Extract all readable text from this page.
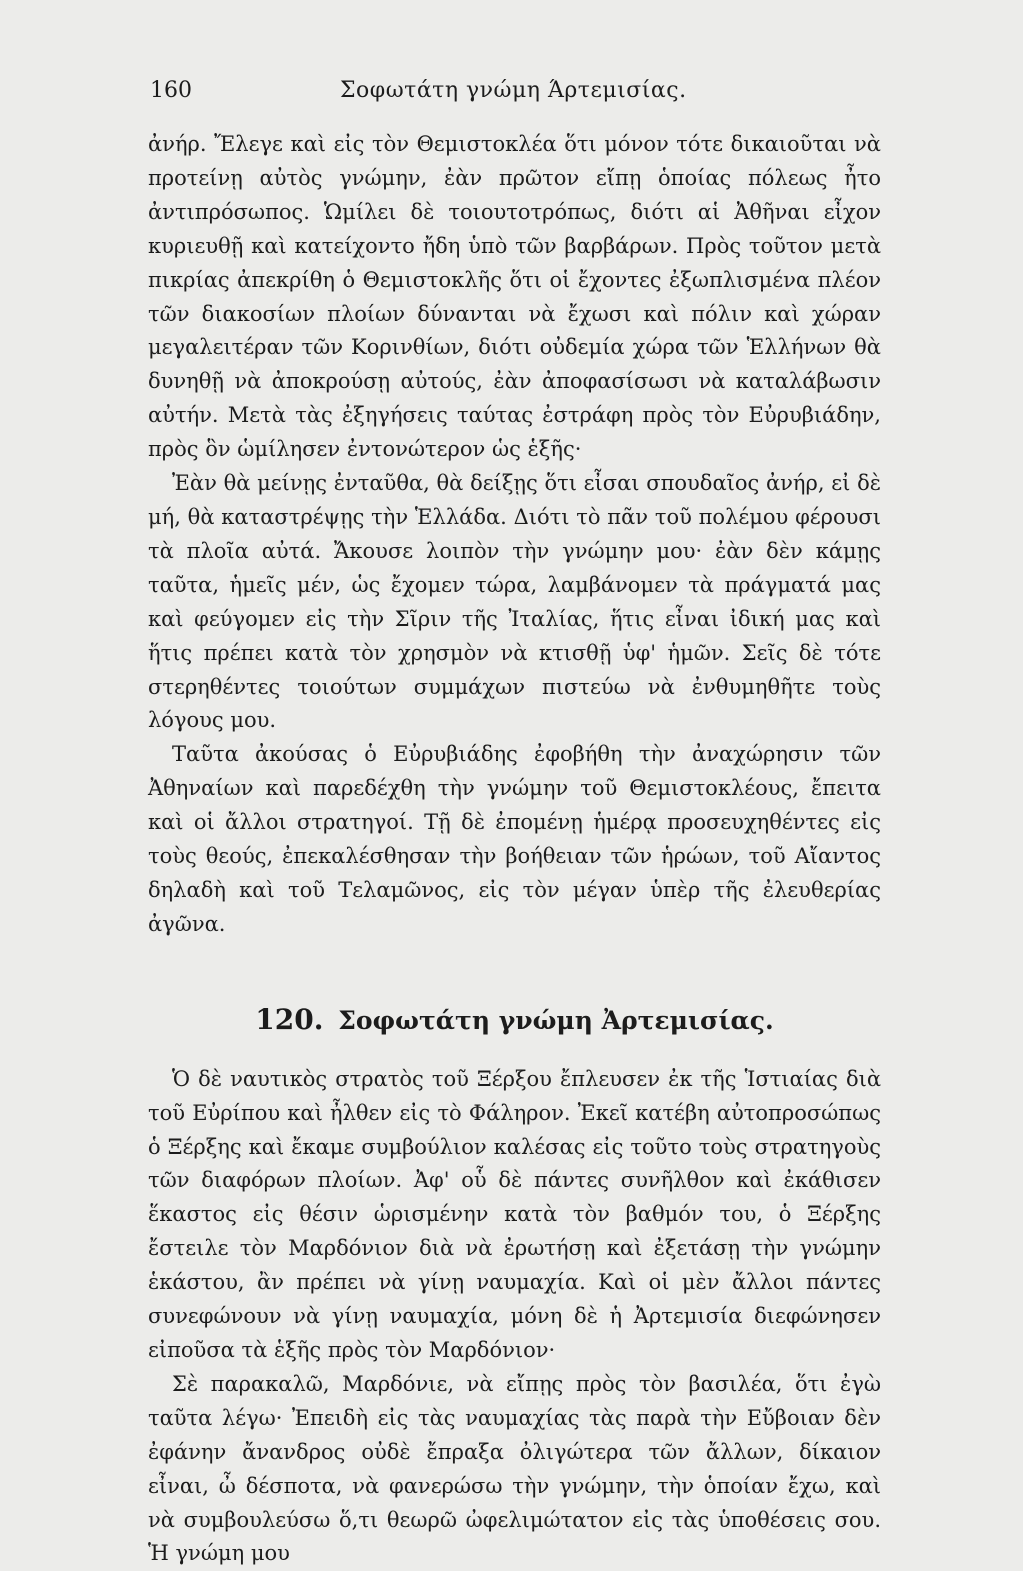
160	Σοφωτάτη γνώμη Άρτεμισίας.

ἀνήρ. Ἔλεγε καὶ εἰς τὸν Θεμιστοκλέα ὅτι μόνον τότε δικαιοῦται νὰ προτείνῃ αὐτὸς γνώμην, ἐὰν πρῶτον εἴπῃ ὁποίας πόλεως ἦτο ἀντιπρόσωπος. Ὡμίλει δὲ τοιουτοτρόπως, διότι αἱ Ἀθῆναι εἶχον κυριευθῇ καὶ κατείχοντο ἤδη ὑπὸ τῶν βαρβάρων. Πρὸς τοῦτον μετὰ πικρίας ἀπεκρίθη ὁ Θεμιστοκλῆς ὅτι οἱ ἔχοντες ἐξωπλισμένα πλέον τῶν διακοσίων πλοίων δύνανται νὰ ἔχωσι καὶ πόλιν καὶ χώραν μεγαλειτέραν τῶν Κορινθίων, διότι οὐδεμία χώρα τῶν Ἑλλήνων θὰ δυνηθῇ νὰ ἀποκρούσῃ αὐτούς, ἐὰν ἀποφασίσωσι νὰ καταλάβωσιν αὐτήν. Μετὰ τὰς ἐξηγήσεις ταύτας ἐστράφη πρὸς τὸν Εὐρυβιάδην, πρὸς ὃν ὡμίλησεν ἐντονώτερον ὡς ἑξῆς·

Ἐὰν θὰ μείνῃς ἐνταῦθα, θὰ δείξῃς ὅτι εἶσαι σπουδαῖος ἀνήρ, εἰ δὲ μή, θὰ καταστρέψῃς τὴν Ἑλλάδα. Διότι τὸ πᾶν τοῦ πολέμου φέρουσι τὰ πλοῖα αὐτά. Ἄκουσε λοιπὸν τὴν γνώμην μου· ἐὰν δὲν κάμῃς ταῦτα, ἡμεῖς μέν, ὡς ἔχομεν τώρα, λαμβάνομεν τὰ πράγματά μας καὶ φεύγομεν εἰς τὴν Σῖριν τῆς Ἰταλίας, ἥτις εἶναι ἰδική μας καὶ ἥτις πρέπει κατὰ τὸν χρησμὸν νὰ κτισθῇ ὑφ' ἡμῶν. Σεῖς δὲ τότε στερηθέντες τοιούτων συμμάχων πιστεύω νὰ ἐνθυμηθῆτε τοὺς λόγους μου.

Ταῦτα ἀκούσας ὁ Εὐρυβιάδης ἐφοβήθη τὴν ἀναχώρησιν τῶν Ἀθηναίων καὶ παρεδέχθη τὴν γνώμην τοῦ Θεμιστοκλέους, ἔπειτα καὶ οἱ ἄλλοι στρατηγοί. Τῇ δὲ ἐπομένῃ ἡμέρᾳ προσευχηθέντες εἰς τοὺς θεούς, ἐπεκαλέσθησαν τὴν βοήθειαν τῶν ἡρώων, τοῦ Αἴαντος δηλαδὴ καὶ τοῦ Τελαμῶνος, εἰς τὸν μέγαν ὑπὲρ τῆς ἐλευθερίας ἀγῶνα.

120. Σοφωτάτη γνώμη Ἀρτεμισίας.

Ὁ δὲ ναυτικὸς στρατὸς τοῦ Ξέρξου ἔπλευσεν ἐκ τῆς Ἱστιαίας διὰ τοῦ Εὐρίπου καὶ ἦλθεν εἰς τὸ Φάληρον. Ἐκεῖ κατέβη αὐτοπροσώπως ὁ Ξέρξης καὶ ἔκαμε συμβούλιον καλέσας εἰς τοῦτο τοὺς στρατηγοὺς τῶν διαφόρων πλοίων. Ἀφ' οὗ δὲ πάντες συνῆλθον καὶ ἐκάθισεν ἕκαστος εἰς θέσιν ὡρισμένην κατὰ τὸν βαθμόν του, ὁ Ξέρξης ἔστειλε τὸν Μαρδόνιον διὰ νὰ ἐρωτήσῃ καὶ ἐξετάσῃ τὴν γνώμην ἑκάστου, ἂν πρέπει νὰ γίνῃ ναυμαχία. Καὶ οἱ μὲν ἄλλοι πάντες συνεφώνουν νὰ γίνῃ ναυμαχία, μόνη δὲ ἡ Ἀρτεμισία διεφώνησεν εἰποῦσα τὰ ἑξῆς πρὸς τὸν Μαρδόνιον·

Σὲ παρακαλῶ, Μαρδόνιε, νὰ εἴπῃς πρὸς τὸν βασιλέα, ὅτι ἐγὼ ταῦτα λέγω· Ἐπειδὴ εἰς τὰς ναυμαχίας τὰς παρὰ τὴν Εὔβοιαν δὲν ἐφάνην ἄνανδρος οὐδὲ ἔπραξα ὀλιγώτερα τῶν ἄλλων, δίκαιον εἶναι, ὦ δέσποτα, νὰ φανερώσω τὴν γνώμην, τὴν ὁποίαν ἔχω, καὶ νὰ συμβουλεύσω ὅ,τι θεωρῶ ὠφελιμώτατον εἰς τὰς ὑποθέσεις σου. Ἡ γνώμη μου
